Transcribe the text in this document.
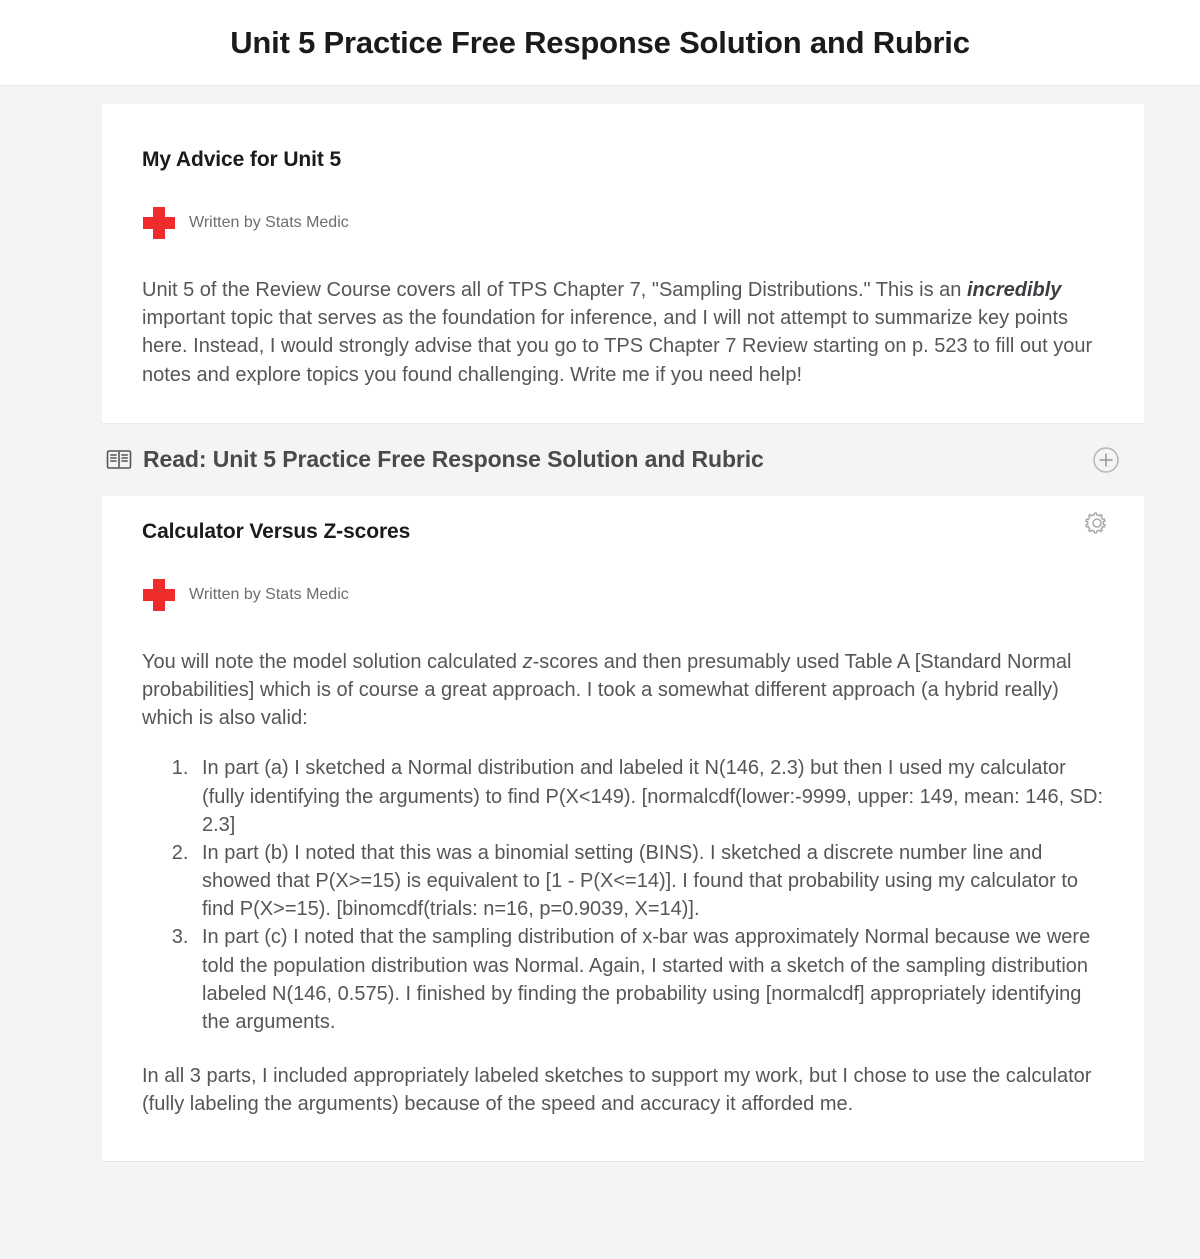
Unit 5 Practice Free Response Solution and Rubric
My Advice for Unit 5
Written by Stats Medic

Unit 5 of the Review Course covers all of TPS Chapter 7, "Sampling Distributions." This is an incredibly important topic that serves as the foundation for inference, and I will not attempt to summarize key points here. Instead, I would strongly advise that you go to TPS Chapter 7 Review starting on p. 523 to fill out your notes and explore topics you found challenging. Write me if you need help!

Read: Unit 5 Practice Free Response Solution and Rubric
Calculator Versus Z-scores
Written by Stats Medic

You will note the model solution calculated z-scores and then presumably used Table A [Standard Normal probabilities] which is of course a great approach. I took a somewhat different approach (a hybrid really) which is also valid:

1. In part (a) I sketched a Normal distribution and labeled it N(146, 2.3) but then I used my calculator (fully identifying the arguments) to find P(X<149). [normalcdf(lower:-9999, upper: 149, mean: 146, SD: 2.3]
2. In part (b) I noted that this was a binomial setting (BINS). I sketched a discrete number line and showed that P(X>=15) is equivalent to [1 - P(X<=14)]. I found that probability using my calculator to find P(X>=15). [binomcdf(trials: n=16, p=0.9039, X=14)].
3. In part (c) I noted that the sampling distribution of x-bar was approximately Normal because we were told the population distribution was Normal. Again, I started with a sketch of the sampling distribution labeled N(146, 0.575). I finished by finding the probability using [normalcdf] appropriately identifying the arguments.

In all 3 parts, I included appropriately labeled sketches to support my work, but I chose to use the calculator (fully labeling the arguments) because of the speed and accuracy it afforded me.
